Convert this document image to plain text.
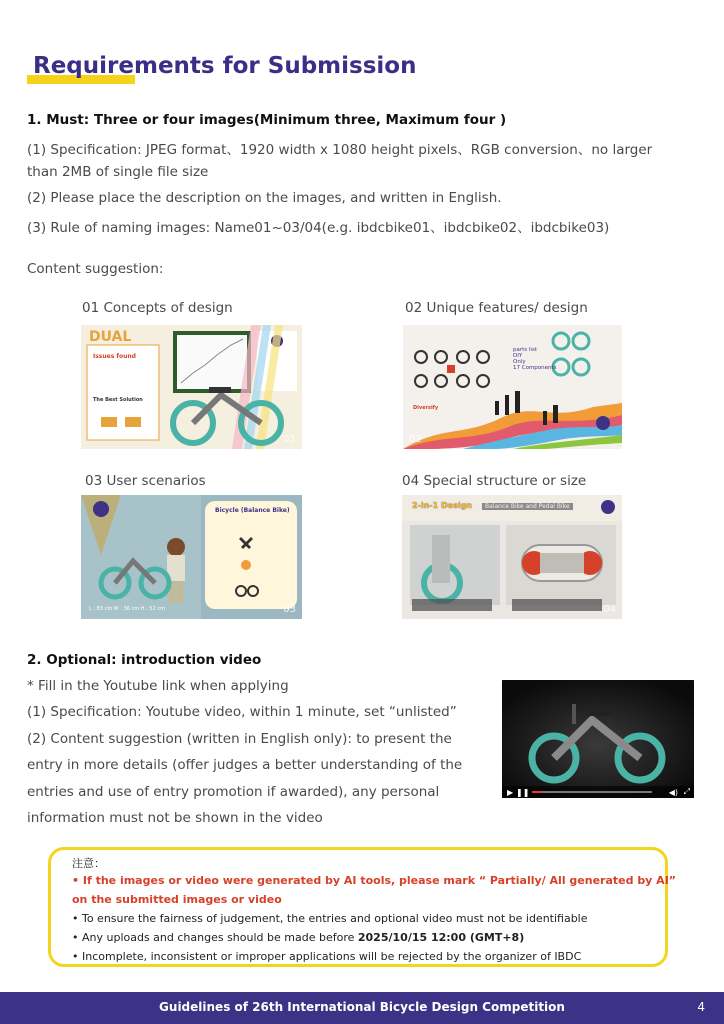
Requirements for Submission
1. Must: Three or four images(Minimum three, Maximum four )
(1) Specification: JPEG format、1920 width x 1080 height pixels、RGB conversion、no larger
than 2MB of single file size
(2) Please place the description on the images, and written in English.
(3) Rule of naming images: Name01~03/04(e.g. ibdcbike01、ibdcbike02、ibdcbike03)
Content suggestion:
01 Concepts of design	02 Unique features/ design
03 User scenarios	04 Special structure or size
DUAL
Issues found
The Best Solution
01
parts list
DIY
Only
17 Components
Diversify
02
Bicycle (Balance Bike)
L : 83 cm W : 36 cm H : 52 cm	03
2-in-1 Design	Balance Bike and Pedal Bike
04
2. Optional: introduction video
* Fill in the Youtube link when applying
(1) Specification: Youtube video, within 1 minute, set “unlisted”
(2) Content suggestion (written in English only): to present the
entry in more details (offer judges a better understanding of the
entries and use of entry promotion if awarded), any personal
information must not be shown in the video
▶ ❚❚	◀) ⤢
注意：
• If the images or video were generated by AI tools, please mark “ Partially/ All generated by AI”
on the submitted images or video
• To ensure the fairness of judgement, the entries and optional video must not be identifiable
• Any uploads and changes should be made before 2025/10/15 12:00 (GMT+8)
• Incomplete, inconsistent or improper applications will be rejected by the organizer of IBDC
Guidelines of 26th International Bicycle Design Competition	4
